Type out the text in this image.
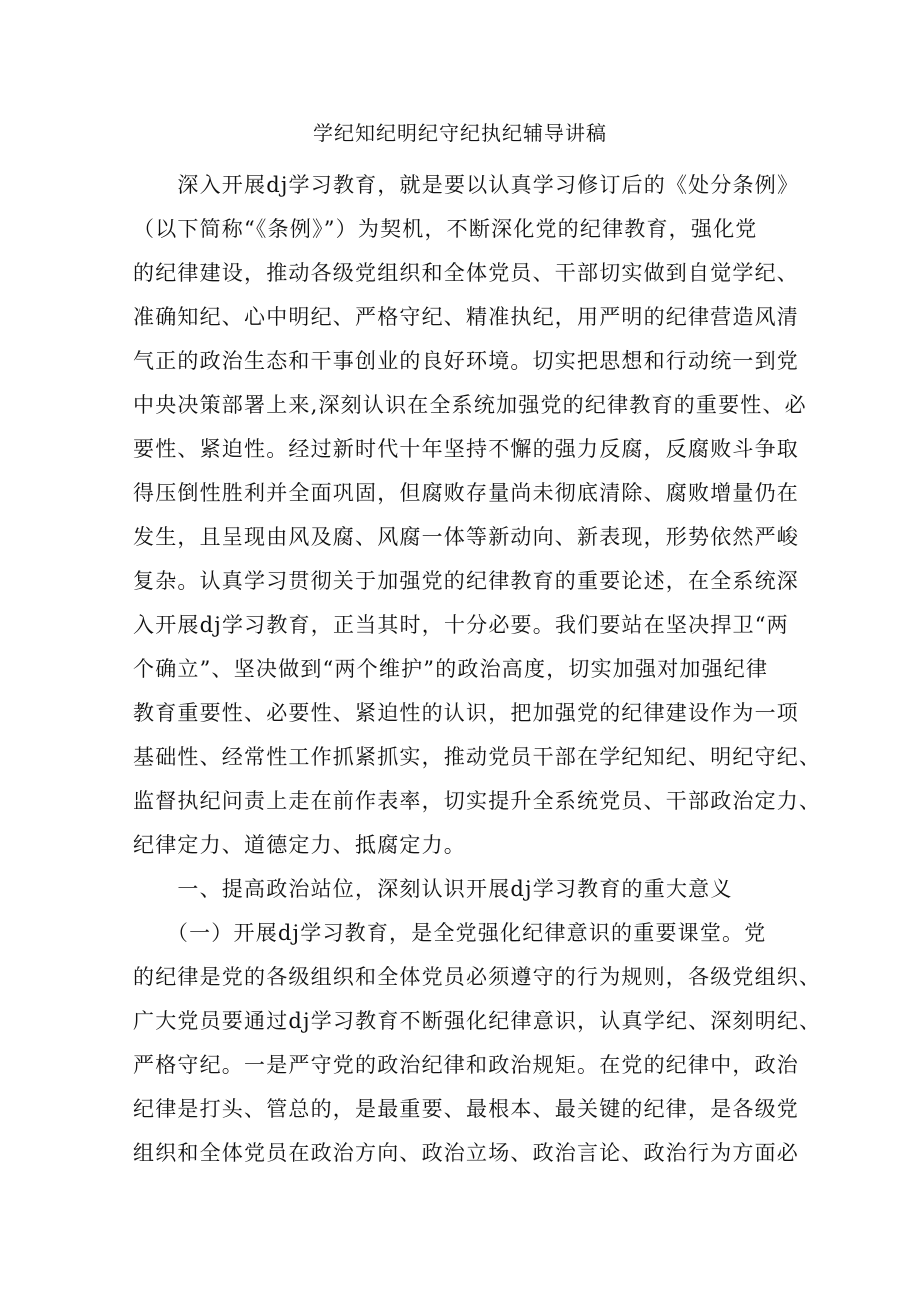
学纪知纪明纪守纪执纪辅导讲稿
　　深入开展dj学习教育，就是要以认真学习修订后的《处分条例》
（以下简称“《条例》”）为契机，不断深化党的纪律教育，强化党
的纪律建设，推动各级党组织和全体党员、干部切实做到自觉学纪、
准确知纪、心中明纪、严格守纪、精准执纪，用严明的纪律营造风清
气正的政治生态和干事创业的良好环境。切实把思想和行动统一到党
中央决策部署上来,深刻认识在全系统加强党的纪律教育的重要性、必
要性、紧迫性。经过新时代十年坚持不懈的强力反腐，反腐败斗争取
得压倒性胜利并全面巩固，但腐败存量尚未彻底清除、腐败增量仍在
发生，且呈现由风及腐、风腐一体等新动向、新表现，形势依然严峻
复杂。认真学习贯彻关于加强党的纪律教育的重要论述，在全系统深
入开展dj学习教育，正当其时，十分必要。我们要站在坚决捍卫“两
个确立”、坚决做到“两个维护”的政治高度，切实加强对加强纪律
教育重要性、必要性、紧迫性的认识，把加强党的纪律建设作为一项
基础性、经常性工作抓紧抓实，推动党员干部在学纪知纪、明纪守纪、
监督执纪问责上走在前作表率，切实提升全系统党员、干部政治定力、
纪律定力、道德定力、抵腐定力。
　　一、提高政治站位，深刻认识开展dj学习教育的重大意义
　　（一）开展dj学习教育，是全党强化纪律意识的重要课堂。党
的纪律是党的各级组织和全体党员必须遵守的行为规则，各级党组织、
广大党员要通过dj学习教育不断强化纪律意识，认真学纪、深刻明纪、
严格守纪。一是严守党的政治纪律和政治规矩。在党的纪律中，政治
纪律是打头、管总的，是最重要、最根本、最关键的纪律，是各级党
组织和全体党员在政治方向、政治立场、政治言论、政治行为方面必
